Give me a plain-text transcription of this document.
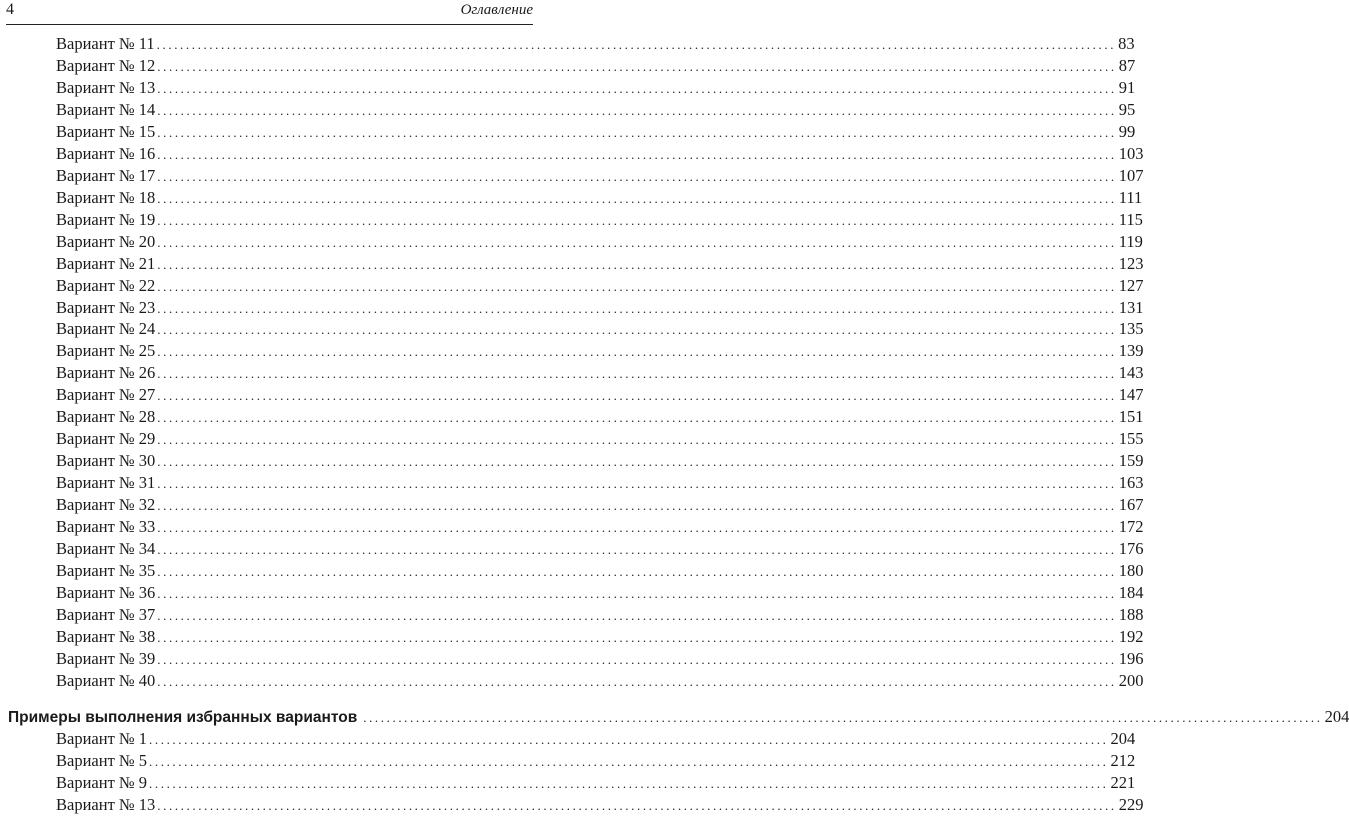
4	Оглавление
Вариант № 11 .................................................................................................................................................................... 83
Вариант № 12 .................................................................................................................................................................... 87
Вариант № 13 .................................................................................................................................................................... 91
Вариант № 14 .................................................................................................................................................................... 95
Вариант № 15 .................................................................................................................................................................... 99
Вариант № 16 .................................................................................................................................................................... 103
Вариант № 17 .................................................................................................................................................................... 107
Вариант № 18 .................................................................................................................................................................... 111
Вариант № 19 .................................................................................................................................................................... 115
Вариант № 20 .................................................................................................................................................................... 119
Вариант № 21 .................................................................................................................................................................... 123
Вариант № 22 .................................................................................................................................................................... 127
Вариант № 23 .................................................................................................................................................................... 131
Вариант № 24 .................................................................................................................................................................... 135
Вариант № 25 .................................................................................................................................................................... 139
Вариант № 26 .................................................................................................................................................................... 143
Вариант № 27 .................................................................................................................................................................... 147
Вариант № 28 .................................................................................................................................................................... 151
Вариант № 29 .................................................................................................................................................................... 155
Вариант № 30 .................................................................................................................................................................... 159
Вариант № 31 .................................................................................................................................................................... 163
Вариант № 32 .................................................................................................................................................................... 167
Вариант № 33 .................................................................................................................................................................... 172
Вариант № 34 .................................................................................................................................................................... 176
Вариант № 35 .................................................................................................................................................................... 180
Вариант № 36 .................................................................................................................................................................... 184
Вариант № 37 .................................................................................................................................................................... 188
Вариант № 38 .................................................................................................................................................................... 192
Вариант № 39 .................................................................................................................................................................... 196
Вариант № 40 .................................................................................................................................................................... 200
Примеры выполнения избранных вариантов .................................................................................................................................................................... 204
Вариант № 1 .................................................................................................................................................................... 204
Вариант № 5 .................................................................................................................................................................... 212
Вариант № 9 .................................................................................................................................................................... 221
Вариант № 13 .................................................................................................................................................................... 229
